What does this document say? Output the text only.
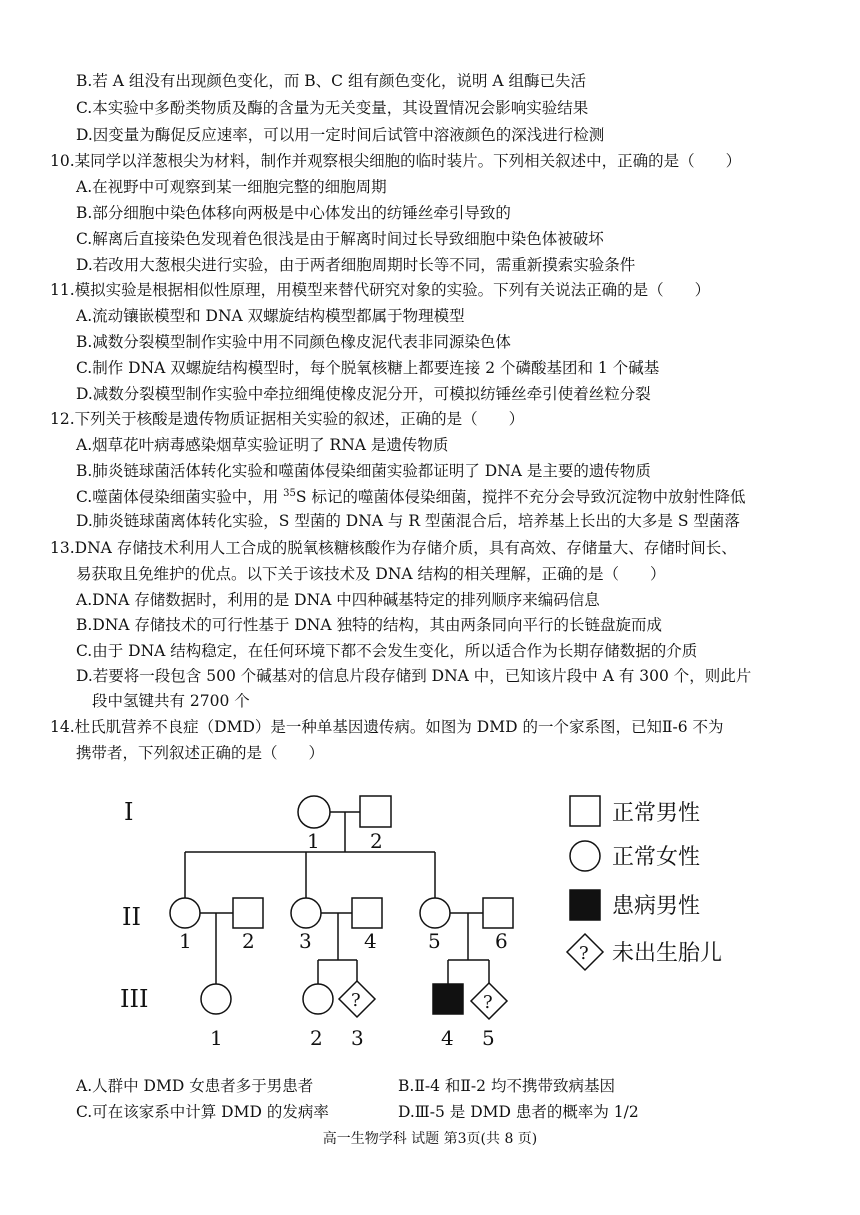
B.若 A 组没有出现颜色变化，而 B、C 组有颜色变化，说明 A 组酶已失活
C.本实验中多酚类物质及酶的含量为无关变量，其设置情况会影响实验结果
D.因变量为酶促反应速率，可以用一定时间后试管中溶液颜色的深浅进行检测
10.某同学以洋葱根尖为材料，制作并观察根尖细胞的临时装片。下列相关叙述中，正确的是（　　）
A.在视野中可观察到某一细胞完整的细胞周期
B.部分细胞中染色体移向两极是中心体发出的纺锤丝牵引导致的
C.解离后直接染色发现着色很浅是由于解离时间过长导致细胞中染色体被破坏
D.若改用大葱根尖进行实验，由于两者细胞周期时长等不同，需重新摸索实验条件
11.模拟实验是根据相似性原理，用模型来替代研究对象的实验。下列有关说法正确的是（　　）
A.流动镶嵌模型和 DNA 双螺旋结构模型都属于物理模型
B.减数分裂模型制作实验中用不同颜色橡皮泥代表非同源染色体
C.制作 DNA 双螺旋结构模型时，每个脱氧核糖上都要连接 2 个磷酸基团和 1 个碱基
D.减数分裂模型制作实验中牵拉细绳使橡皮泥分开，可模拟纺锤丝牵引使着丝粒分裂
12.下列关于核酸是遗传物质证据相关实验的叙述，正确的是（　　）
A.烟草花叶病毒感染烟草实验证明了 RNA 是遗传物质
B.肺炎链球菌活体转化实验和噬菌体侵染细菌实验都证明了 DNA 是主要的遗传物质
D.肺炎链球菌离体转化实验，S 型菌的 DNA 与 R 型菌混合后，培养基上长出的大多是 S 型菌落
13.DNA 存储技术利用人工合成的脱氧核糖核酸作为存储介质，具有高效、存储量大、存储时间长、
易获取且免维护的优点。以下关于该技术及 DNA 结构的相关理解，正确的是（　　）
A.DNA 存储数据时，利用的是 DNA 中四种碱基特定的排列顺序来编码信息
B.DNA 存储技术的可行性基于 DNA 独特的结构，其由两条同向平行的长链盘旋而成
C.由于 DNA 结构稳定，在任何环境下都不会发生变化，所以适合作为长期存储数据的介质
D.若要将一段包含 500 个碱基对的信息片段存储到 DNA 中，已知该片段中 A 有 300 个，则此片
段中氢键共有 2700 个
14.杜氏肌营养不良症（DMD）是一种单基因遗传病。如图为 DMD 的一个家系图，已知Ⅱ-6 不为
携带者，下列叙述正确的是（　　）
C.噬菌体侵染细菌实验中，用 $^{35}$S 标记的噬菌体侵染细菌，搅拌不充分会导致沉淀物中放射性降低
I
II
III
1	2
1	2 3	4	5	6
?	?
1	2 3	4 5
正常男性
正常女性
患病男性
? 未出生胎儿
A.人群中 DMD 女患者多于男患者	B.Ⅱ-4 和Ⅱ-2 均不携带致病基因
C.可在该家系中计算 DMD 的发病率	D.Ⅲ-5 是 DMD 患者的概率为 1/2
高一生物学科 试题 第3页(共 8 页)
